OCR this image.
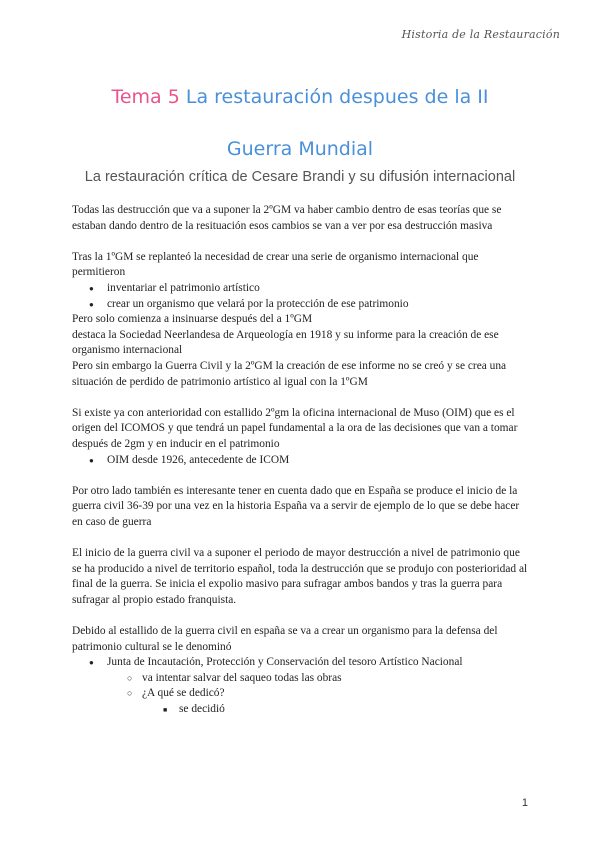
Historia de la Restauración
Tema 5 La restauración despues de la II
Guerra Mundial
La restauración crítica de Cesare Brandi y su difusión internacional

Todas las destrucción que va a suponer la 2ºGM va haber cambio dentro de esas teorías que se estaban dando dentro de la resituación esos cambios se van a ver por esa destrucción masiva

Tras la 1ºGM se replanteó la necesidad de crear una serie de organismo internacional que permitieron

● inventariar el patrimonio artístico
● crear un organismo que velará por la protección de ese patrimonio

Pero solo comienza a insinuarse después del a 1ºGM

destaca la Sociedad Neerlandesa de Arqueología en 1918 y su informe para la creación de ese organismo internacional

Pero sin embargo la Guerra Civil y la 2ºGM la creación de ese informe no se creó y se crea una situación de perdido de patrimonio artístico al igual con la 1ºGM

Si existe ya con anterioridad con estallido 2ºgm la oficina internacional de Muso (OIM) que es el origen del ICOMOS y que tendrá un papel fundamental a la ora de las decisiones que van a tomar después de 2gm y en inducir en el patrimonio

● OIM desde 1926, antecedente de ICOM

Por otro lado también es interesante tener en cuenta dado que en España se produce el inicio de la guerra civil 36-39 por una vez en la historia España va a servir de ejemplo de lo que se debe hacer en caso de guerra

El inicio de la guerra civil va a suponer el periodo de mayor destrucción a nivel de patrimonio que se ha producido a nivel de territorio español, toda la destrucción que se produjo con posterioridad al final de la guerra. Se inicia el expolio masivo para sufragar ambos bandos y tras la guerra para sufragar al propio estado franquista.

Debido al estallido de la guerra civil en españa se va a crear un organismo para la defensa del patrimonio cultural se le denominó

● Junta de Incautación, Protección y Conservación del tesoro Artístico Nacional
○ va intentar salvar del saqueo todas las obras
○ ¿A qué se dedicó?
■ se decidió
1
